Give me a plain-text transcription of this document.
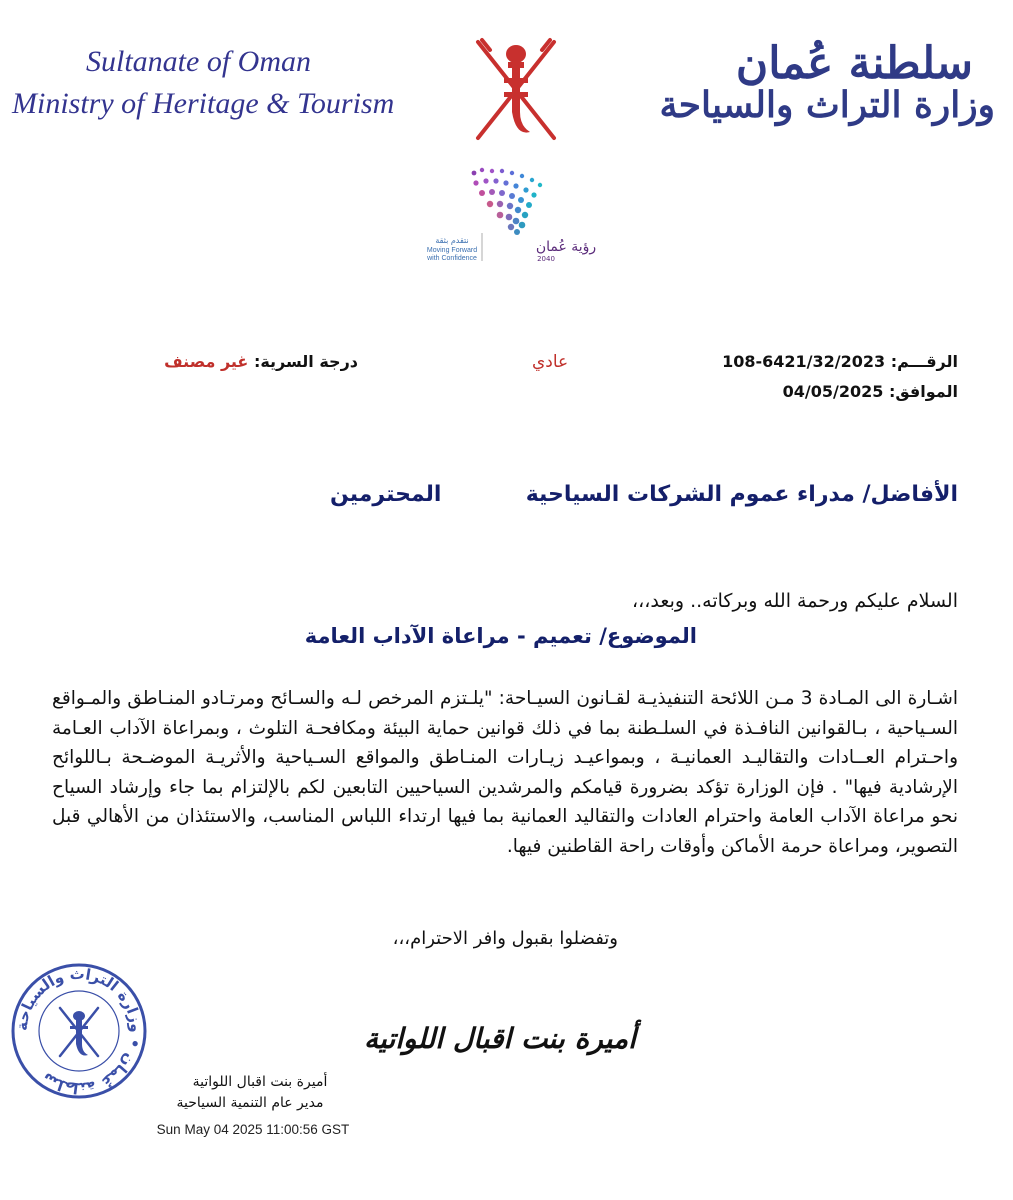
Sultanate of Oman
Ministry of Heritage & Tourism
سلطنة عُمان
وزارة التراث والسياحة
رؤية عُمان
2040
نتقدم بثقة
Moving Forward
with Confidence
الرقـــم: 108-6421/32/2023
الموافق: 04/05/2025
عادي
درجة السرية: غير مصنف
الأفاضل/ مدراء عموم الشركات السياحية
المحترمين
السلام عليكم ورحمة الله وبركاته.. وبعد،،،
الموضوع/ تعميم - مراعاة الآداب العامة
اشـارة الى المـادة 3 مـن اللائحة التنفيذيـة لقـانون السيـاحة: "يلـتزم المرخص لـه والسـائح ومرتـادو المنـاطق والمـواقع السـياحية ، بـالقوانين النافـذة في السلـطنة بما في ذلك قوانين حماية البيئة ومكافحـة التلوث ، وبمراعاة الآداب العـامة واحـترام العــادات والتقاليـد العمانيـة ، وبمواعيـد زيـارات المنـاطق والمواقع السـياحية والأثريـة الموضـحة بـاللوائح الإرشادية فيها" . فإن الوزارة تؤكد بضرورة قيامكم والمرشدين السياحيين التابعين لكم بالإلتزام بما جاء وإرشاد السياح نحو مراعاة الآداب العامة واحترام العادات والتقاليد العمانية بما فيها ارتداء اللباس المناسب، والاستئذان من الأهالي قبل التصوير، ومراعاة حرمة الأماكن وأوقات راحة القاطنين فيها.
وتفضلوا بقبول وافر الاحترام،،،
سلطنة عُمان • وزارة التراث والسياحة
أميرة بنت اقبال اللواتية
أميرة بنت اقبال اللواتية
مدير عام التنمية السياحية
Sun May 04 2025 11:00:56 GST
